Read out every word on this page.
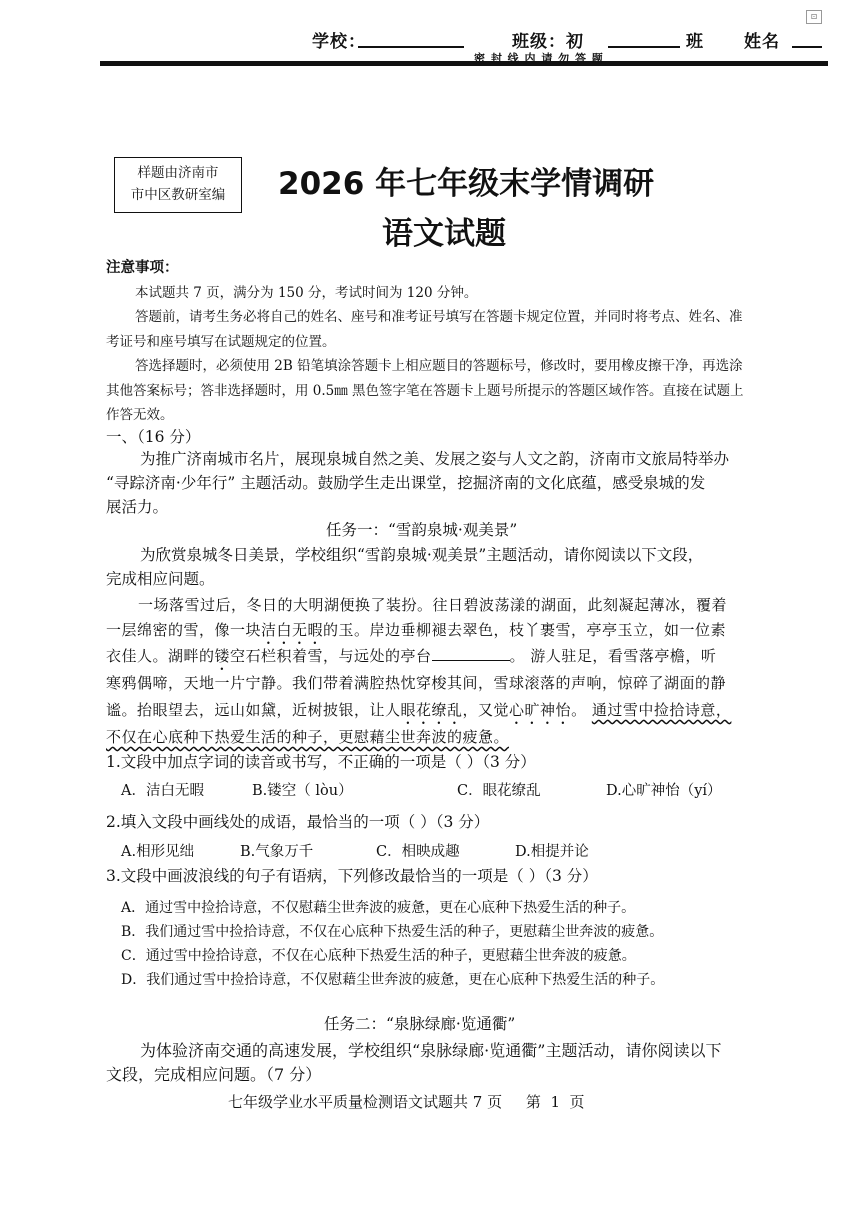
学校：	班级：初	班 姓名
密 封 线 内 请 勿 答 题
⊡
样题由济南市
市中区教研室编	2026 年七年级末学情调研
语文试题
注意事项：
本试题共 7 页，满分为 150 分，考试时间为 120 分钟。
答题前，请考生务必将自己的姓名、座号和准考证号填写在答题卡规定位置，并同时将考点、姓名、准
考证号和座号填写在试题规定的位置。
答选择题时，必须使用 2B 铅笔填涂答题卡上相应题目的答题标号，修改时，要用橡皮擦干净，再选涂
其他答案标号；答非选择题时，用 0.5㎜ 黑色签字笔在答题卡上题号所提示的答题区域作答。直接在试题上
作答无效。
一、（16 分）
为推广济南城市名片，展现泉城自然之美、发展之姿与人文之韵，济南市文旅局特举办
“寻踪济南·少年行” 主题活动。鼓励学生走出课堂，挖掘济南的文化底蕴，感受泉城的发
展活力。
任务一：“雪韵泉城·观美景”
为欣赏泉城冬日美景，学校组织“雪韵泉城·观美景”主题活动，请你阅读以下文段，
完成相应问题。
一场落雪过后，冬日的大明湖便换了装扮。往日碧波荡漾的湖面，此刻凝起薄冰，覆着
一层绵密的雪，像一块洁白无暇的玉。岸边垂柳褪去翠色，枝丫裹雪，亭亭玉立，如一位素
衣佳人。湖畔的镂空石栏积着雪，与远处的亭台	。 游人驻足，看雪落亭檐，听
寒鸦偶啼，天地一片宁静。我们带着满腔热忱穿梭其间，雪球滚落的声响，惊碎了湖面的静
谧。抬眼望去，远山如黛，近树披银，让人眼花缭乱，又觉心旷神怡。 通过雪中捡拾诗意，
不仅在心底种下热爱生活的种子，更慰藉尘世奔波的疲惫。
1.文段中加点字词的读音或书写，不正确的一项是（ ）（3 分）
A．洁白无暇	B.镂空（ lòu）	C．眼花缭乱	D.心旷神怡（yí）
2.填入文段中画线处的成语，最恰当的一项（ ）（3 分）
A.相形见绌	B.气象万千	C．相映成趣	D.相提并论
3.文段中画波浪线的句子有语病，下列修改最恰当的一项是（ ）（3 分）
A．通过雪中捡拾诗意，不仅慰藉尘世奔波的疲惫，更在心底种下热爱生活的种子。
B．我们通过雪中捡拾诗意，不仅在心底种下热爱生活的种子，更慰藉尘世奔波的疲惫。
C．通过雪中捡拾诗意，不仅在心底种下热爱生活的种子，更慰藉尘世奔波的疲惫。
D．我们通过雪中捡拾诗意，不仅慰藉尘世奔波的疲惫，更在心底种下热爱生活的种子。
任务二：“泉脉绿廊·览通衢”
为体验济南交通的高速发展，学校组织“泉脉绿廊·览通衢”主题活动，请你阅读以下
文段，完成相应问题。（7 分）
七年级学业水平质量检测语文试题共 7 页     第  1  页
